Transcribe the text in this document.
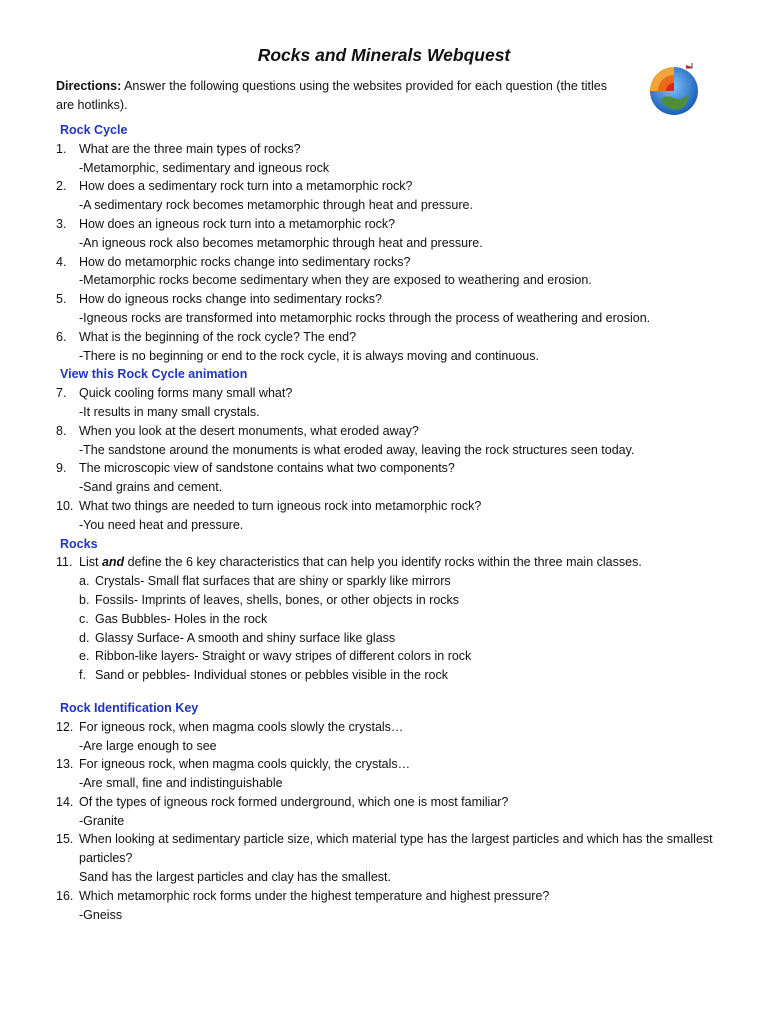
Rocks and Minerals Webquest
Directions: Answer the following questions using the websites provided for each question (the titles are hotlinks).
Rock Cycle
1. What are the three main types of rocks?
-Metamorphic, sedimentary and igneous rock
2. How does a sedimentary rock turn into a metamorphic rock?
-A sedimentary rock becomes metamorphic through heat and pressure.
3. How does an igneous rock turn into a metamorphic rock?
-An igneous rock also becomes metamorphic through heat and pressure.
4. How do metamorphic rocks change into sedimentary rocks?
-Metamorphic rocks become sedimentary when they are exposed to weathering and erosion.
5. How do igneous rocks change into sedimentary rocks?
-Igneous rocks are transformed into metamorphic rocks through the process of weathering and erosion.
6. What is the beginning of the rock cycle? The end?
-There is no beginning or end to the rock cycle, it is always moving and continuous.
View this Rock Cycle animation
7. Quick cooling forms many small what?
-It results in many small crystals.
8. When you look at the desert monuments, what eroded away?
-The sandstone around the monuments is what eroded away, leaving the rock structures seen today.
9. The microscopic view of sandstone contains what two components?
-Sand grains and cement.
10. What two things are needed to turn igneous rock into metamorphic rock?
-You need heat and pressure.
Rocks
11. List and define the 6 key characteristics that can help you identify rocks within the three main classes.
a. Crystals- Small flat surfaces that are shiny or sparkly like mirrors
b. Fossils- Imprints of leaves, shells, bones, or other objects in rocks
c. Gas Bubbles- Holes in the rock
d. Glassy Surface- A smooth and shiny surface like glass
e. Ribbon-like layers- Straight or wavy stripes of different colors in rock
f. Sand or pebbles- Individual stones or pebbles visible in the rock
Rock Identification Key
12. For igneous rock, when magma cools slowly the crystals…
-Are large enough to see
13. For igneous rock, when magma cools quickly, the crystals…
-Are small, fine and indistinguishable
14. Of the types of igneous rock formed underground, which one is most familiar?
-Granite
15. When looking at sedimentary particle size, which material type has the largest particles and which has the smallest particles?
Sand has the largest particles and clay has the smallest.
16. Which metamorphic rock forms under the highest temperature and highest pressure?
-Gneiss
